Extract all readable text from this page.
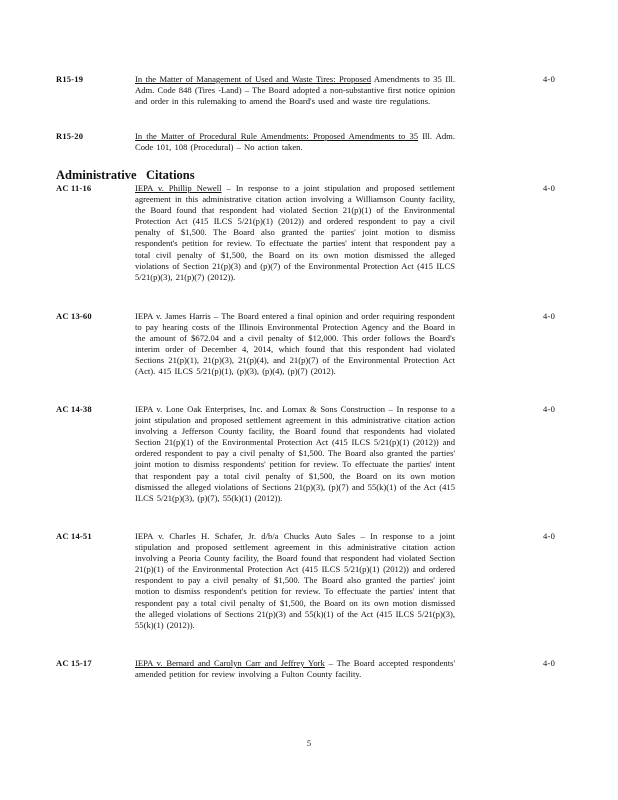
R15-19	In the Matter of Management of Used and Waste Tires: Proposed Amendments to 35 Ill. Adm. Code 848 (Tires -Land) – The Board adopted a non-substantive first notice opinion and order in this rulemaking to amend the Board's used and waste tire regulations.
4-0
R15-20	In the Matter of Procedural Rule Amendments: Proposed Amendments to 35 Ill. Adm. Code 101, 108 (Procedural) – No action taken.
Administrative Citations
AC 11-16	IEPA v. Phillip Newell – In response to a joint stipulation and proposed settlement agreement in this administrative citation action involving a Williamson County facility, the Board found that respondent had violated Section 21(p)(1) of the Environmental Protection Act (415 ILCS 5/21(p)(1) (2012)) and ordered respondent to pay a civil penalty of $1,500. The Board also granted the parties' joint motion to dismiss respondent's petition for review. To effectuate the parties' intent that respondent pay a total civil penalty of $1,500, the Board on its own motion dismissed the alleged violations of Section 21(p)(3) and (p)(7) of the Environmental Protection Act (415 ILCS 5/21(p)(3), 21(p)(7) (2012)).
4-0
AC 13-60	IEPA v. James Harris – The Board entered a final opinion and order requiring respondent to pay hearing costs of the Illinois Environmental Protection Agency and the Board in the amount of $672.04 and a civil penalty of $12,000. This order follows the Board's interim order of December 4, 2014, which found that this respondent had violated Sections 21(p)(1), 21(p)(3), 21(p)(4), and 21(p)(7) of the Environmental Protection Act (Act). 415 ILCS 5/21(p)(1), (p)(3), (p)(4), (p)(7) (2012).
4-0
AC 14-38	IEPA v. Lone Oak Enterprises, Inc. and Lomax & Sons Construction – In response to a joint stipulation and proposed settlement agreement in this administrative citation action involving a Jefferson County facility, the Board found that respondents had violated Section 21(p)(1) of the Environmental Protection Act (415 ILCS 5/21(p)(1) (2012)) and ordered respondent to pay a civil penalty of $1,500. The Board also granted the parties' joint motion to dismiss respondents' petition for review. To effectuate the parties' intent that respondent pay a total civil penalty of $1,500, the Board on its own motion dismissed the alleged violations of Sections 21(p)(3), (p)(7) and 55(k)(1) of the Act (415 ILCS 5/21(p)(3), (p)(7), 55(k)(1) (2012)).
4-0
AC 14-51	IEPA v. Charles H. Schafer, Jr. d/b/a Chucks Auto Sales – In response to a joint stipulation and proposed settlement agreement in this administrative citation action involving a Peoria County facility, the Board found that respondent had violated Section 21(p)(1) of the Environmental Protection Act (415 ILCS 5/21(p)(1) (2012)) and ordered respondent to pay a civil penalty of $1,500. The Board also granted the parties' joint motion to dismiss respondent's petition for review. To effectuate the parties' intent that respondent pay a total civil penalty of $1,500, the Board on its own motion dismissed the alleged violations of Sections 21(p)(3) and 55(k)(1) of the Act (415 ILCS 5/21(p)(3), 55(k)(1) (2012)).
4-0
AC 15-17	IEPA v. Bernard and Carolyn Carr and Jeffrey York – The Board accepted respondents' amended petition for review involving a Fulton County facility.
4-0
5
